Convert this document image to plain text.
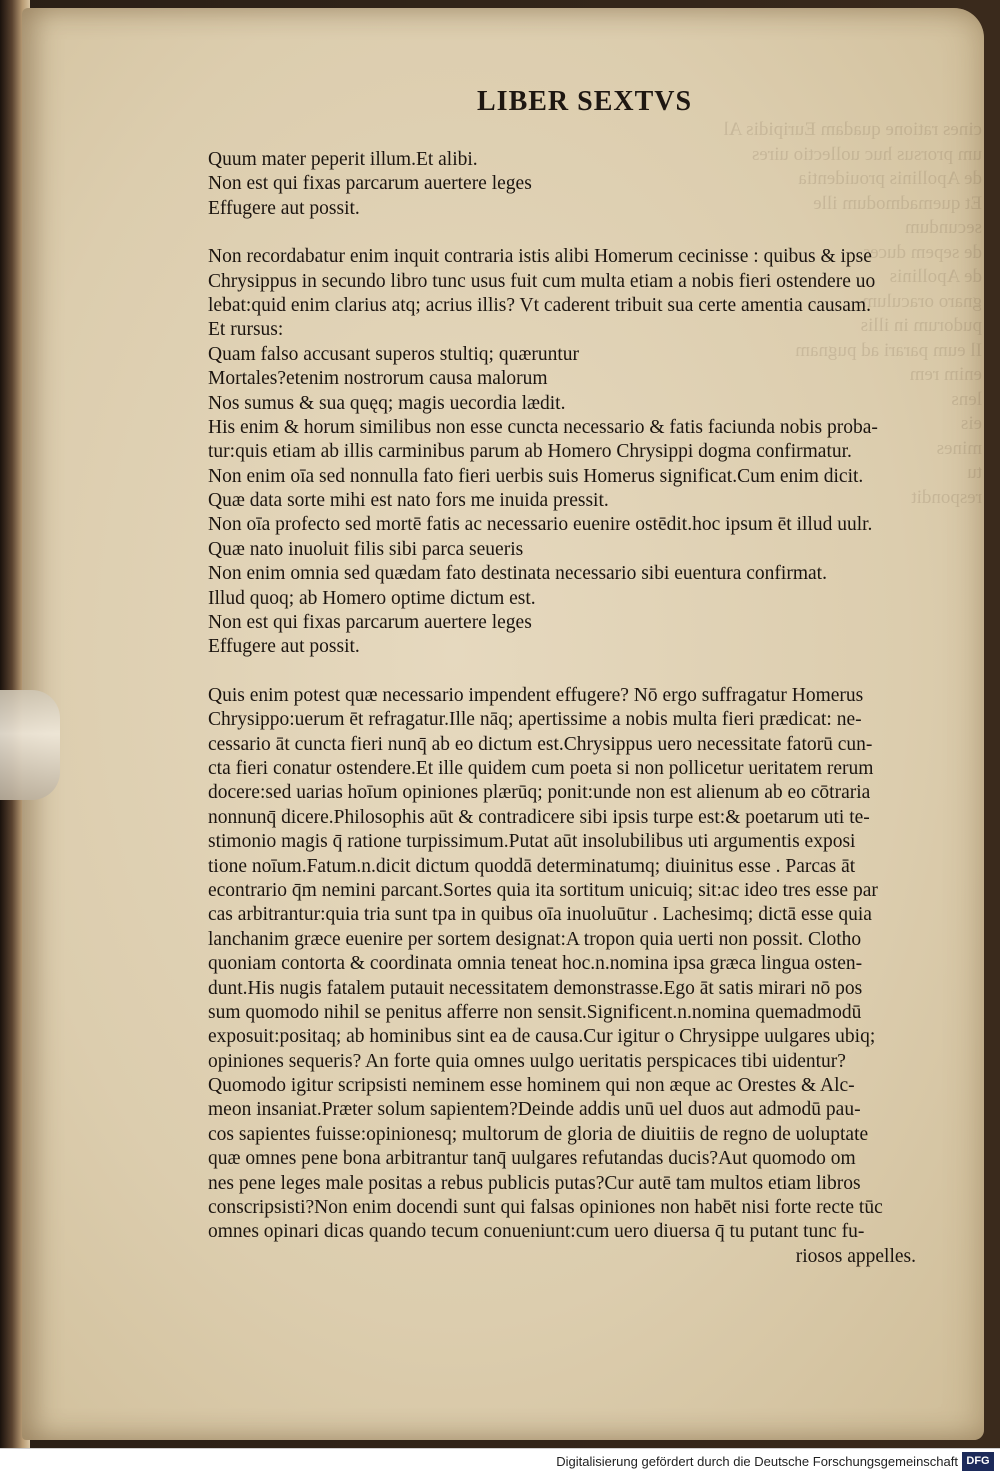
cines ratione quadam Euripidis Al
um prorsus huc uollectio uires
de Apollinis prouidentia
Et quemadmodum ille
secundum
de sepem duces
de Apollinis
gnaro oraculum
pudorum in illis
Il eum parari ad pugnam
enim rem
lens
eis
mines
tu
respondit

LIBER SEXTVS
Quum mater peperit illum.Et alibi.
Non est qui fixas parcarum auertere leges
Effugere aut possit.
Non recordabatur enim inquit contraria istis alibi Homerum cecinisse : quibus & ipse
Chrysippus in secundo libro tunc usus fuit cum multa etiam a nobis fieri ostendere uo
lebat:quid enim clarius atq; acrius illis? Vt caderent tribuit sua certe amentia causam.
Et rursus:
Quam falso accusant superos stultiq; quæruntur
Mortales?etenim nostrorum causa malorum
Nos sumus & sua quęq; magis uecordia lædit.
His enim & horum similibus non esse cuncta necessario & fatis faciunda nobis proba-
tur:quis etiam ab illis carminibus parum ab Homero Chrysippi dogma confirmatur.
Non enim oīa sed nonnulla fato fieri uerbis suis Homerus significat.Cum enim dicit.
Quæ data sorte mihi est nato fors me inuida pressit.
Non oīa profecto sed mortē fatis ac necessario euenire ostēdit.hoc ipsum ēt illud uulr.
Quæ nato inuoluit filis sibi parca seueris
Non enim omnia sed quædam fato destinata necessario sibi euentura confirmat.
Illud quoq; ab Homero optime dictum est.
Non est qui fixas parcarum auertere leges
Effugere aut possit.
Quis enim potest quæ necessario impendent effugere? Nō ergo suffragatur Homerus
Chrysippo:uerum ēt refragatur.Ille nāq; apertissime a nobis multa fieri prædicat: ne-
cessario āt cuncta fieri nunq̄ ab eo dictum est.Chrysippus uero necessitate fatorū cun-
cta fieri conatur ostendere.Et ille quidem cum poeta si non pollicetur ueritatem rerum
docere:sed uarias hoīum opiniones plærūq; ponit:unde non est alienum ab eo cōtraria
nonnunq̄ dicere.Philosophis aūt & contradicere sibi ipsis turpe est:& poetarum uti te-
stimonio magis q̄ ratione turpissimum.Putat aūt insolubilibus uti argumentis exposi
tione noīum.Fatum.n.dicit dictum quoddā determinatumq; diuinitus esse . Parcas āt
econtrario q̄m nemini parcant.Sortes quia ita sortitum unicuiq; sit:ac ideo tres esse par
cas arbitrantur:quia tria sunt tpa in quibus oīa inuoluūtur . Lachesimq; dictā esse quia
lanchanim græce euenire per sortem designat:A tropon quia uerti non possit. Clotho
quoniam contorta & coordinata omnia teneat hoc.n.nomina ipsa græca lingua osten-
dunt.His nugis fatalem putauit necessitatem demonstrasse.Ego āt satis mirari nō pos
sum quomodo nihil se penitus afferre non sensit.Significent.n.nomina quemadmodū
exposuit:positaq; ab hominibus sint ea de causa.Cur igitur o Chrysippe uulgares ubiq;
opiniones sequeris? An forte quia omnes uulgo ueritatis perspicaces tibi uidentur?
Quomodo igitur scripsisti neminem esse hominem qui non æque ac Orestes & Alc-
meon insaniat.Præter solum sapientem?Deinde addis unū uel duos aut admodū pau-
cos sapientes fuisse:opinionesq; multorum de gloria de diuitiis de regno de uoluptate
quæ omnes pene bona arbitrantur tanq̄ uulgares refutandas ducis?Aut quomodo om
nes pene leges male positas a rebus publicis putas?Cur autē tam multos etiam libros
conscripsisti?Non enim docendi sunt qui falsas opiniones non habēt nisi forte recte tūc
omnes opinari dicas quando tecum conueniunt:cum uero diuersa q̄ tu putant tunc fu-
riosos appelles.
Digitalisierung gefördert durch die Deutsche Forschungsgemeinschaft DFG
